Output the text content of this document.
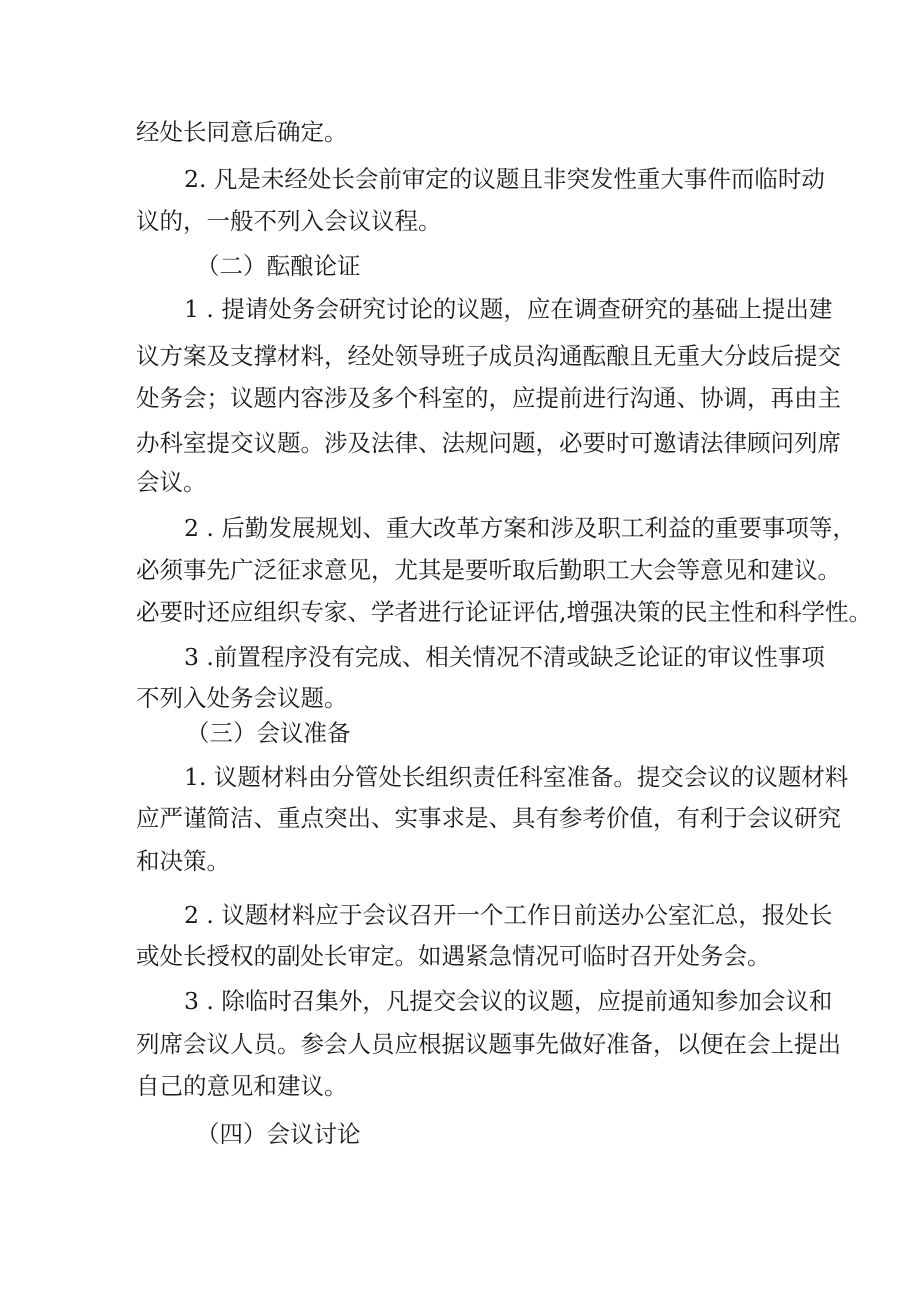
经处长同意后确定。

2. 凡是未经处长会前审定的议题且非突发性重大事件而临时动

议的，一般不列入会议议程。

（二）酝酿论证

1 . 提请处务会研究讨论的议题，应在调查研究的基础上提出建

议方案及支撑材料，经处领导班子成员沟通酝酿且无重大分歧后提交

处务会；议题内容涉及多个科室的，应提前进行沟通、协调，再由主

办科室提交议题。涉及法律、法规问题，必要时可邀请法律顾问列席

会议。

2 . 后勤发展规划、重大改革方案和涉及职工利益的重要事项等，

必须事先广泛征求意见，尤其是要听取后勤职工大会等意见和建议。

必要时还应组织专家、学者进行论证评估,增强决策的民主性和科学性。

3 .前置程序没有完成、相关情况不清或缺乏论证的审议性事项

不列入处务会议题。

（三）会议准备

1. 议题材料由分管处长组织责任科室准备。提交会议的议题材料

应严谨简洁、重点突出、实事求是、具有参考价值，有利于会议研究

和决策。

2 . 议题材料应于会议召开一个工作日前送办公室汇总，报处长

或处长授权的副处长审定。如遇紧急情况可临时召开处务会。

3 . 除临时召集外，凡提交会议的议题，应提前通知参加会议和

列席会议人员。参会人员应根据议题事先做好准备，以便在会上提出

自己的意见和建议。

（四）会议讨论
